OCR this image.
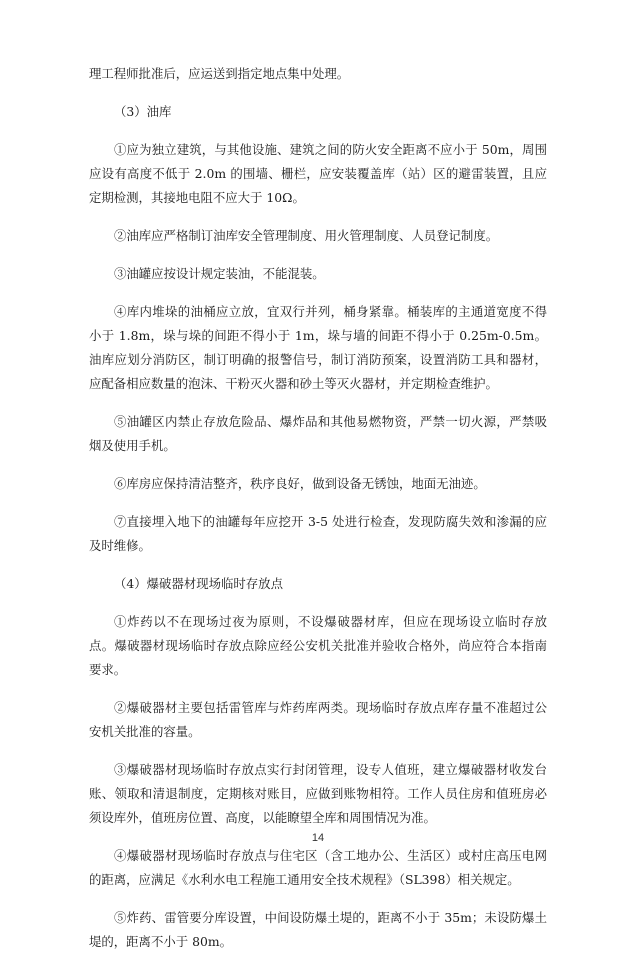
理工程师批准后，应运送到指定地点集中处理。

（3）油库

①应为独立建筑，与其他设施、建筑之间的防火安全距离不应小于 50m，周围应设有高度不低于 2.0m 的围墙、栅栏，应安装覆盖库（站）区的避雷装置，且应定期检测，其接地电阻不应大于 10Ω。

②油库应严格制订油库安全管理制度、用火管理制度、人员登记制度。

③油罐应按设计规定装油，不能混装。

④库内堆垛的油桶应立放，宜双行并列，桶身紧靠。桶装库的主通道宽度不得小于 1.8m，垛与垛的间距不得小于 1m，垛与墙的间距不得小于 0.25m-0.5m。油库应划分消防区，制订明确的报警信号，制订消防预案，设置消防工具和器材，应配备相应数量的泡沫、干粉灭火器和砂土等灭火器材，并定期检查维护。

⑤油罐区内禁止存放危险品、爆炸品和其他易燃物资，严禁一切火源，严禁吸烟及使用手机。

⑥库房应保持清洁整齐，秩序良好，做到设备无锈蚀，地面无油迹。

⑦直接埋入地下的油罐每年应挖开 3-5 处进行检查，发现防腐失效和渗漏的应及时维修。

（4）爆破器材现场临时存放点

①炸药以不在现场过夜为原则，不设爆破器材库，但应在现场设立临时存放点。爆破器材现场临时存放点除应经公安机关批准并验收合格外，尚应符合本指南要求。

②爆破器材主要包括雷管库与炸药库两类。现场临时存放点库存量不准超过公安机关批准的容量。

③爆破器材现场临时存放点实行封闭管理，设专人值班，建立爆破器材收发台账、领取和清退制度，定期核对账目，应做到账物相符。工作人员住房和值班房必须设库外，值班房位置、高度，以能瞭望全库和周围情况为准。

④爆破器材现场临时存放点与住宅区（含工地办公、生活区）或村庄高压电网的距离，应满足《水利水电工程施工通用安全技术规程》（SL398）相关规定。

⑤炸药、雷管要分库设置，中间设防爆土堤的，距离不小于 35m；未设防爆土堤的，距离不小于 80m。

14
